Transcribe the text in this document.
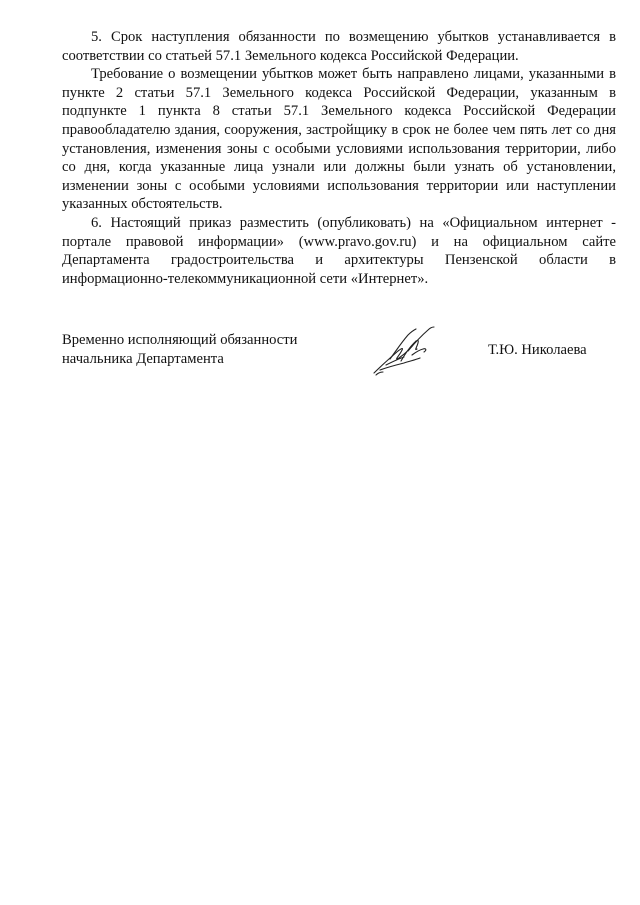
5. Срок наступления обязанности по возмещению убытков устанавливается в соответствии со статьей 57.1 Земельного кодекса Российской Федерации.

Требование о возмещении убытков может быть направлено лицами, указанными в пункте 2 статьи 57.1 Земельного кодекса Российской Федерации, указанным в подпункте 1 пункта 8 статьи 57.1 Земельного кодекса Российской Федерации правообладателю здания, сооружения, застройщику в срок не более чем пять лет со дня установления, изменения зоны с особыми условиями использования территории, либо со дня, когда указанные лица узнали или должны были узнать об установлении, изменении зоны с особыми условиями использования территории или наступлении указанных обстоятельств.

6. Настоящий приказ разместить (опубликовать) на «Официальном интернет - портале правовой информации» (www.pravo.gov.ru) и на официальном сайте Департамента градостроительства и архитектуры Пензенской области в информационно-телекоммуникационной сети «Интернет».

Временно исполняющий обязанности
начальника Департамента
Т.Ю. Николаева
